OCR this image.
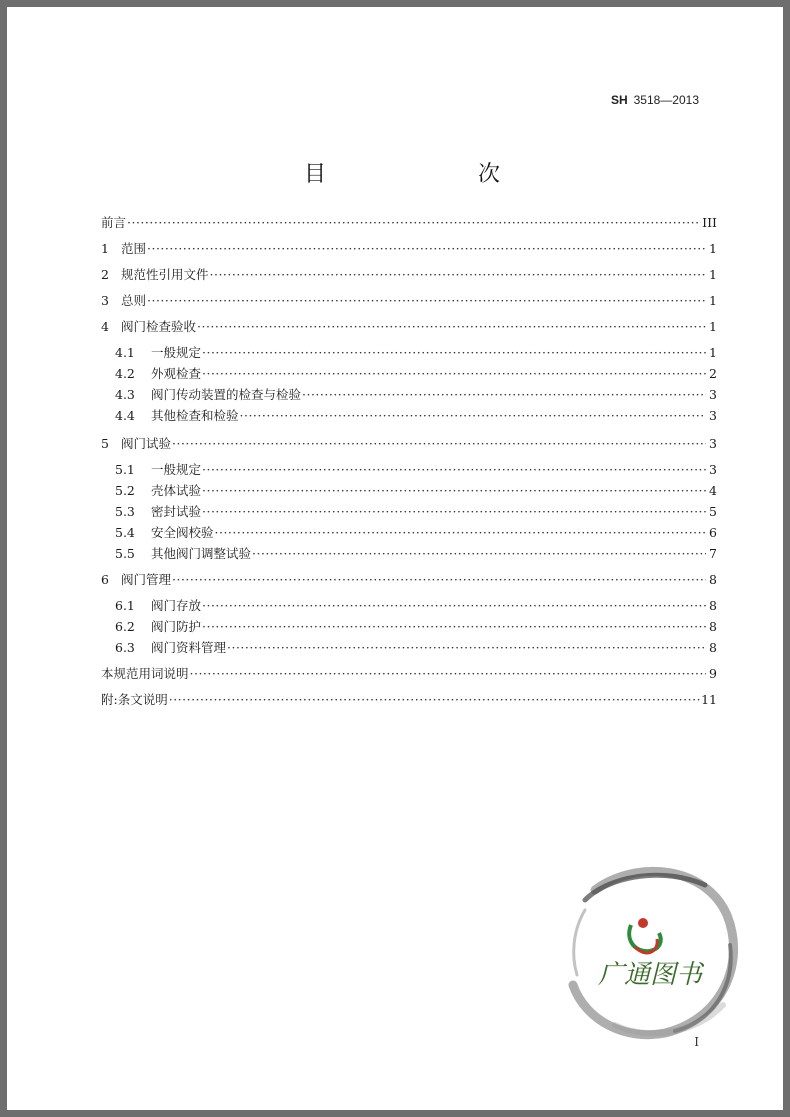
SH 3518—2013
目　　次
前言 ·····	III
1 范围 ·····	1
2 规范性引用文件 ·····	1
3 总则 ·····	1
4 阀门检查验收 ·····	1
4.1	一般规定 ·····	1
4.2	外观检查 ·····	2
4.3	阀门传动装置的检查与检验 ·····	3
4.4	其他检查和检验 ·····	3
5 阀门试验 ·····	3
5.1	一般规定 ·····	3
5.2	壳体试验 ·····	4
5.3	密封试验 ·····	5
5.4	安全阀校验 ·····	6
5.5	其他阀门调整试验 ·····	7
6 阀门管理 ·····	8
6.1	阀门存放 ·····	8
6.2	阀门防护 ·····	8
6.3	阀门资料管理 ·····	8
本规范用词说明 ·····	9
附:条文说明 ·····	11
广通图书
I
